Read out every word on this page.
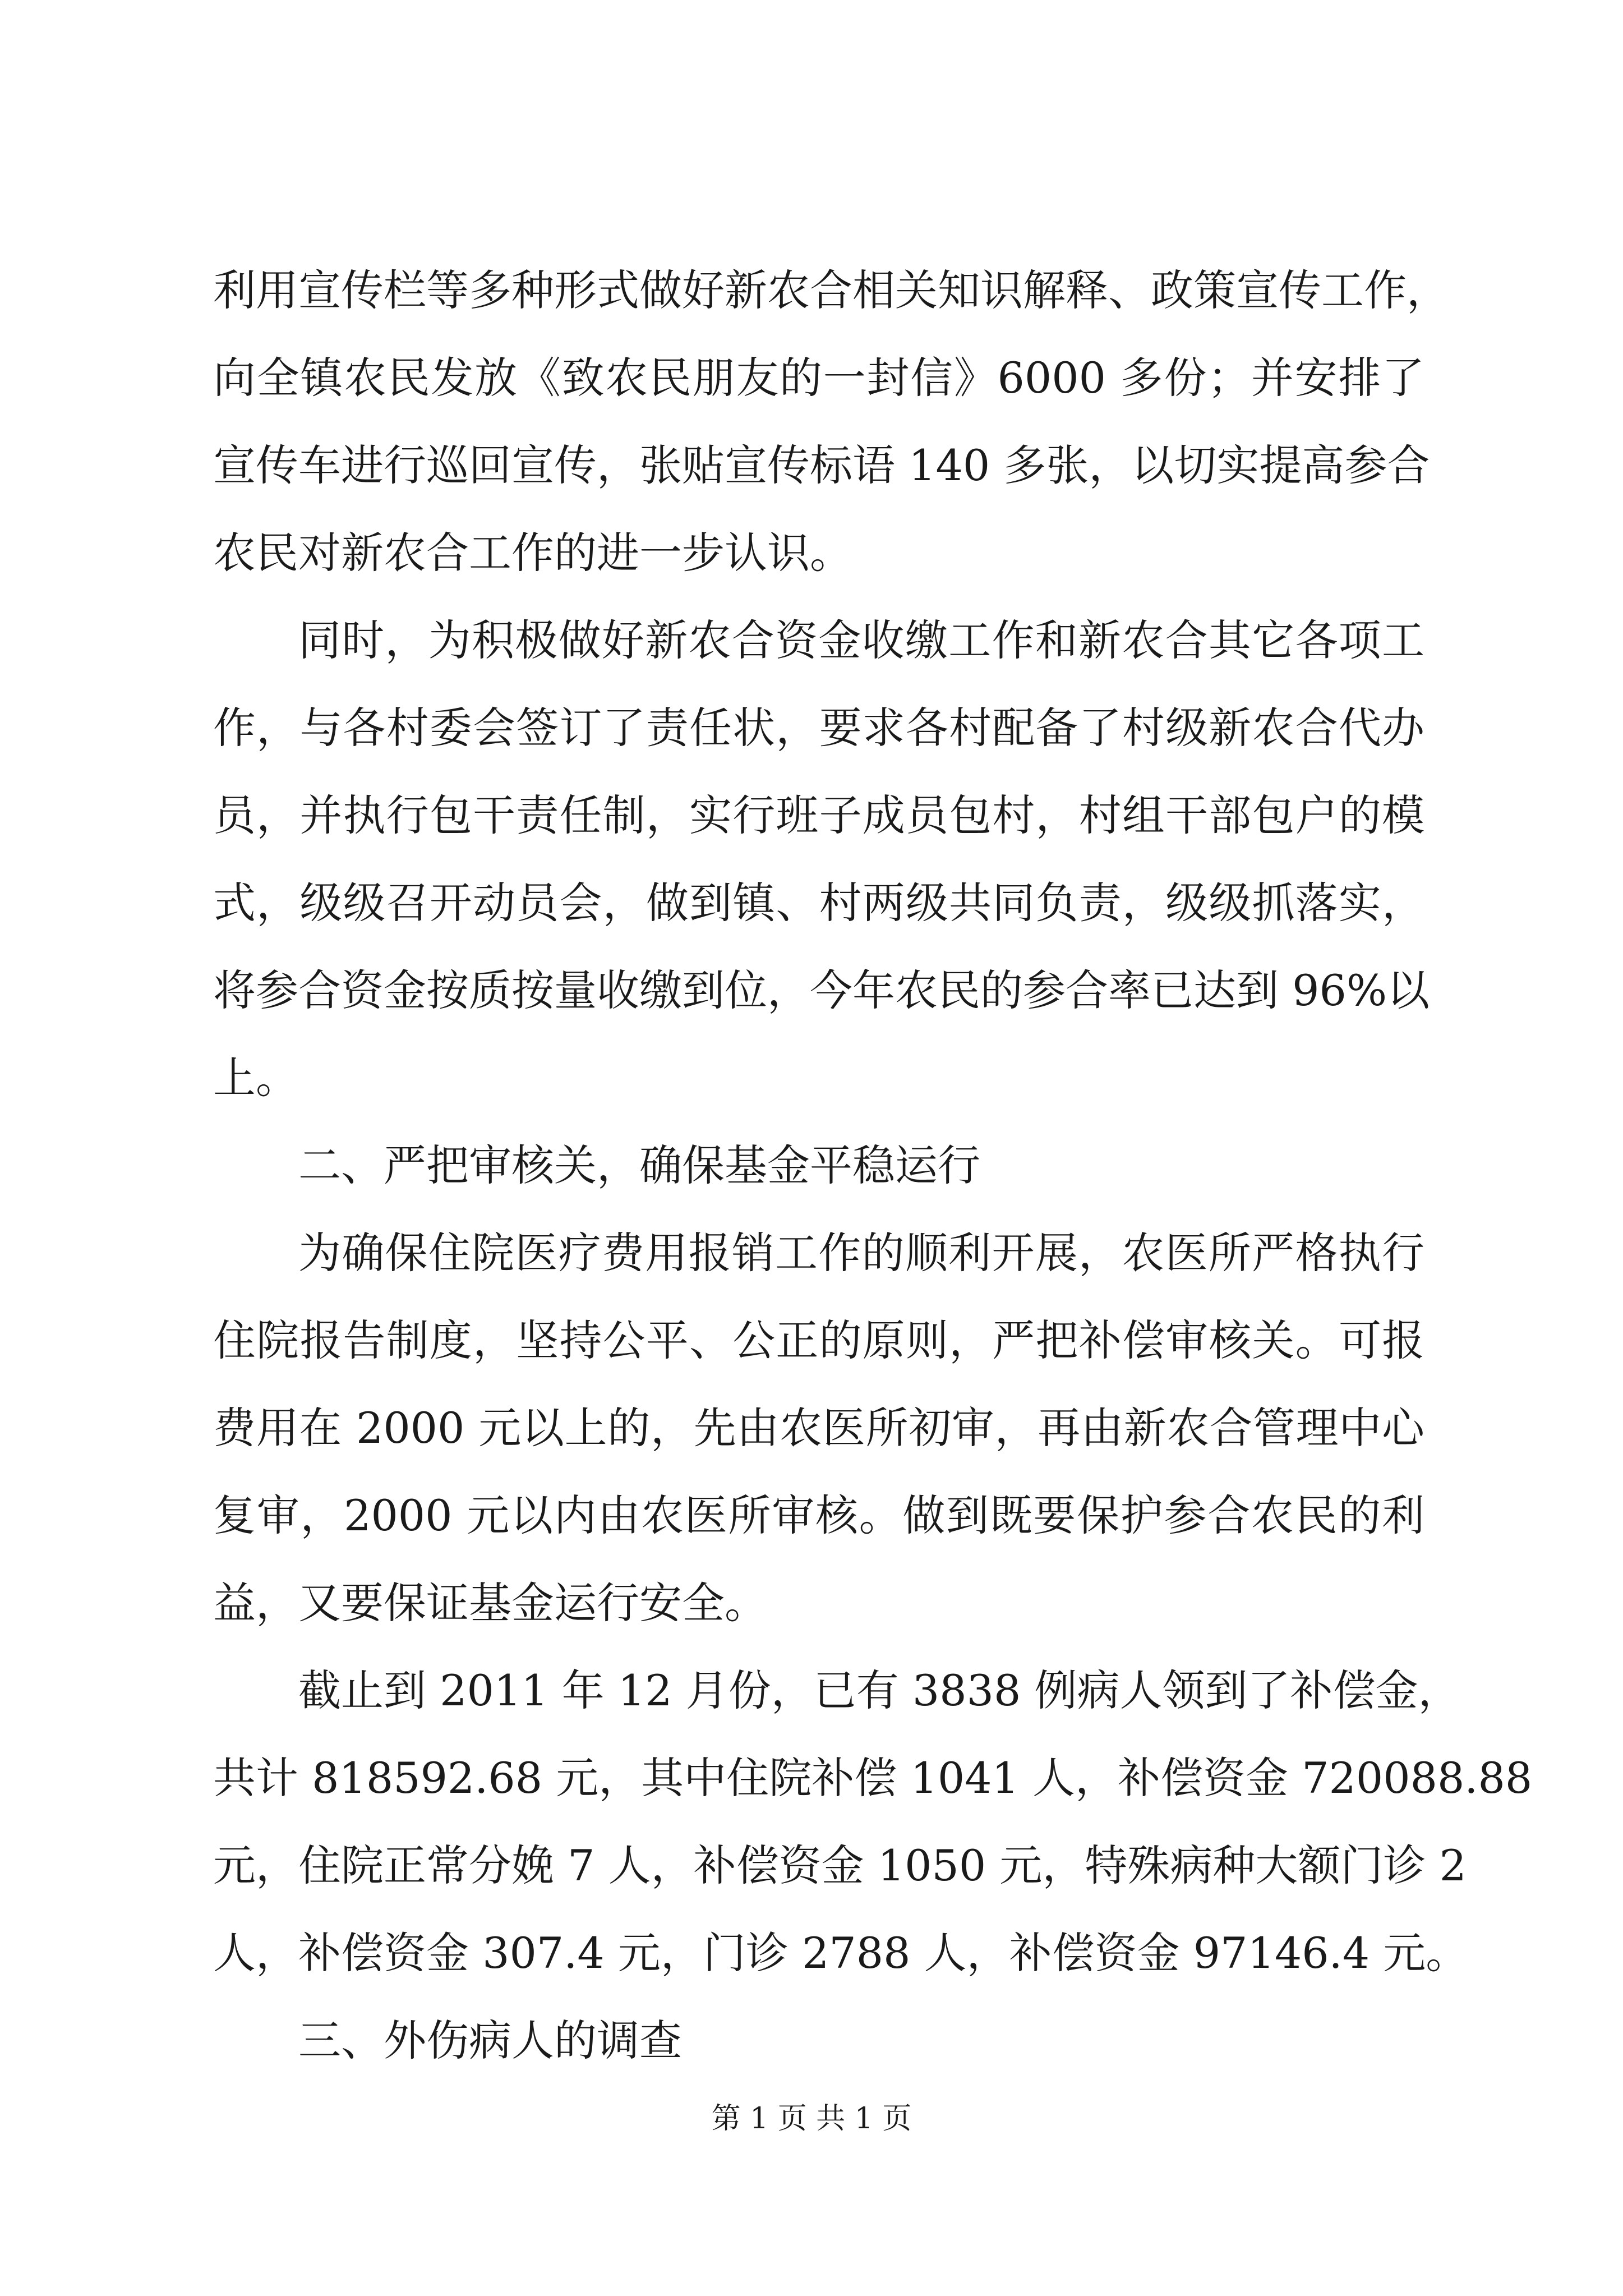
利用宣传栏等多种形式做好新农合相关知识解释、政策宣传工作，

向全镇农民发放《致农民朋友的一封信》6000 多份；并安排了

宣传车进行巡回宣传，张贴宣传标语 140 多张，以切实提高参合

农民对新农合工作的进一步认识。

同时，为积极做好新农合资金收缴工作和新农合其它各项工

作，与各村委会签订了责任状，要求各村配备了村级新农合代办

员，并执行包干责任制，实行班子成员包村，村组干部包户的模

式，级级召开动员会，做到镇、村两级共同负责，级级抓落实，

将参合资金按质按量收缴到位，今年农民的参合率已达到 96%以

上。

二、严把审核关，确保基金平稳运行

为确保住院医疗费用报销工作的顺利开展，农医所严格执行

住院报告制度，坚持公平、公正的原则，严把补偿审核关。可报

费用在 2000 元以上的，先由农医所初审，再由新农合管理中心

复审，2000 元以内由农医所审核。做到既要保护参合农民的利

益，又要保证基金运行安全。

截止到 2011 年 12 月份，已有 3838 例病人领到了补偿金，

共计 818592.68 元，其中住院补偿 1041 人，补偿资金 720088.88

元，住院正常分娩 7 人，补偿资金 1050 元，特殊病种大额门诊 2

人，补偿资金 307.4 元，门诊 2788 人，补偿资金 97146.4 元。

三、外伤病人的调查

第 1 页 共 1 页
